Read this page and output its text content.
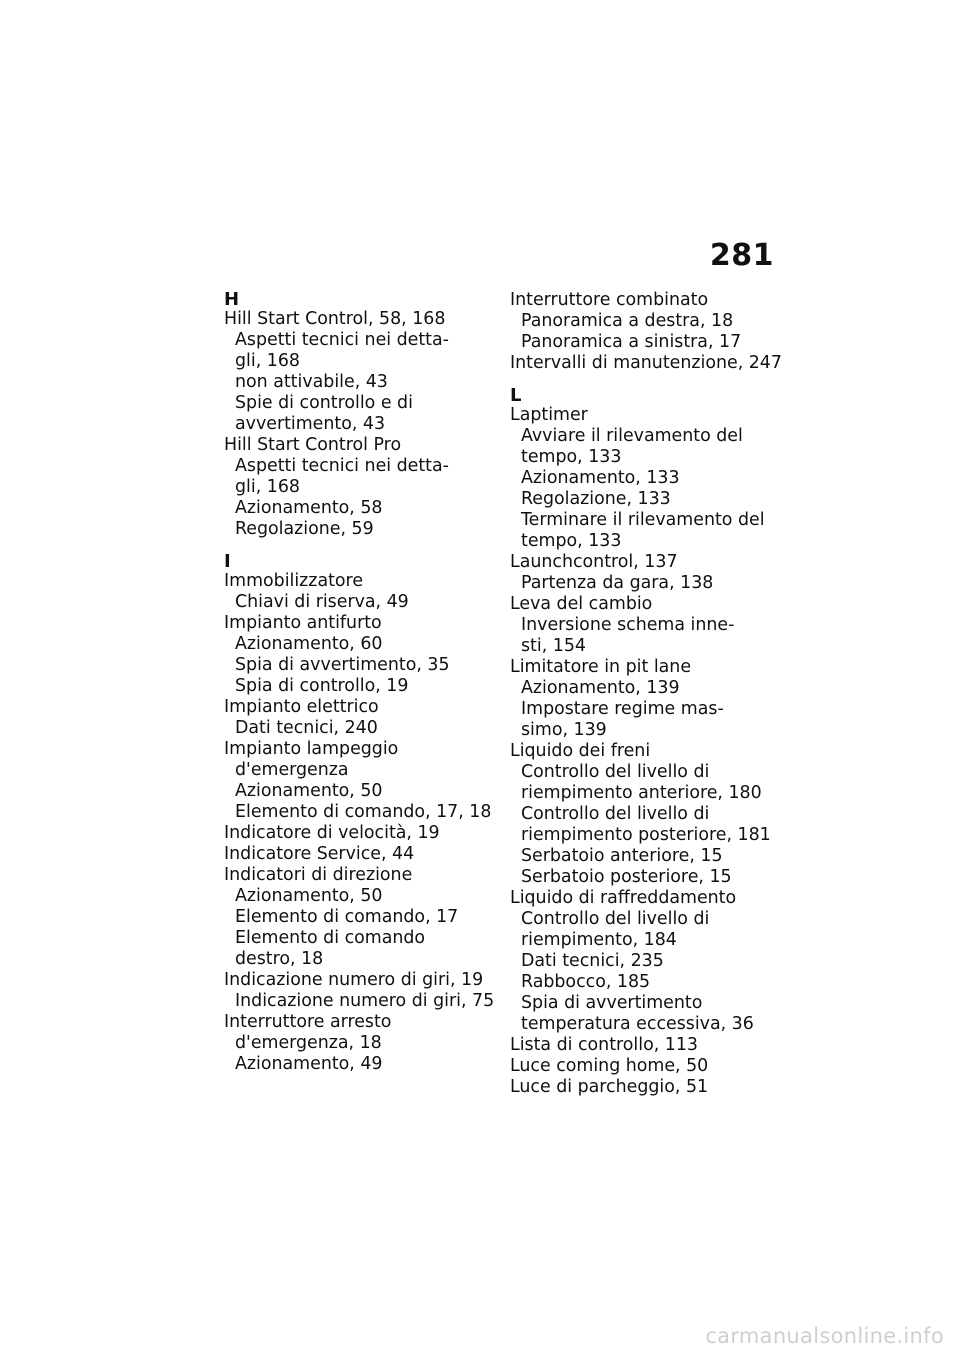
281
H
Hill Start Control, 58, 168
Aspetti tecnici nei detta-
gli, 168
non attivabile, 43
Spie di controllo e di
avvertimento, 43
Hill Start Control Pro
Aspetti tecnici nei detta-
gli, 168
Azionamento, 58
Regolazione, 59
I
Immobilizzatore
Chiavi di riserva, 49
Impianto antifurto
Azionamento, 60
Spia di avvertimento, 35
Spia di controllo, 19
Impianto elettrico
Dati tecnici, 240
Impianto lampeggio
d'emergenza
Azionamento, 50
Elemento di comando, 17, 18
Indicatore di velocità, 19
Indicatore Service, 44
Indicatori di direzione
Azionamento, 50
Elemento di comando, 17
Elemento di comando
destro, 18
Indicazione numero di giri, 19
Indicazione numero di giri, 75
Interruttore arresto
d'emergenza, 18
Azionamento, 49
Interruttore combinato
Panoramica a destra, 18
Panoramica a sinistra, 17
Intervalli di manutenzione, 247
L
Laptimer
Avviare il rilevamento del
tempo, 133
Azionamento, 133
Regolazione, 133
Terminare il rilevamento del
tempo, 133
Launchcontrol, 137
Partenza da gara, 138
Leva del cambio
Inversione schema inne-
sti, 154
Limitatore in pit lane
Azionamento, 139
Impostare regime mas-
simo, 139
Liquido dei freni
Controllo del livello di
riempimento anteriore, 180
Controllo del livello di
riempimento posteriore, 181
Serbatoio anteriore, 15
Serbatoio posteriore, 15
Liquido di raffreddamento
Controllo del livello di
riempimento, 184
Dati tecnici, 235
Rabbocco, 185
Spia di avvertimento
temperatura eccessiva, 36
Lista di controllo, 113
Luce coming home, 50
Luce di parcheggio, 51
carmanualsonline.info
